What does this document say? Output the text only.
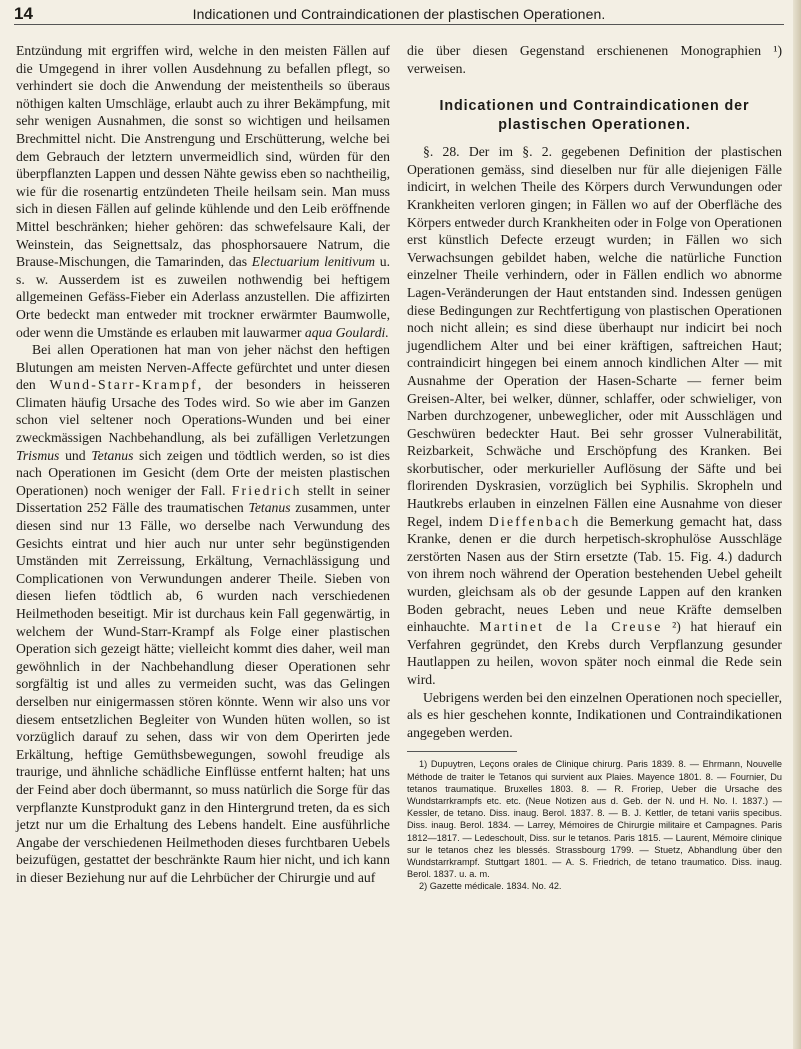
14	Indicationen und Contraindicationen der plastischen Operationen.

Entzündung mit ergriffen wird, welche in den meisten Fällen auf die Umgegend in ihrer vollen Ausdehnung zu befallen pflegt, so verhindert sie doch die Anwendung der meistentheils so überaus nöthigen kalten Umschläge, erlaubt auch zu ihrer Bekämpfung, mit sehr wenigen Ausnahmen, die sonst so wichtigen und heilsamen Brechmittel nicht. Die Anstrengung und Erschütterung, welche bei dem Gebrauch der letztern unvermeidlich sind, würden für den überpflanzten Lappen und dessen Nähte gewiss eben so nachtheilig, wie für die rosenartig entzündeten Theile heilsam sein. Man muss sich in diesen Fällen auf gelinde kühlende und den Leib eröffnende Mittel beschränken; hieher gehören: das schwefelsaure Kali, der Weinstein, das Seignettsalz, das phosphorsauere Natrum, die Brause-Mischungen, die Tamarinden, das Electuarium lenitivum u. s. w. Ausserdem ist es zuweilen nothwendig bei heftigem allgemeinen Gefäss-Fieber ein Aderlass anzustellen. Die affizirten Orte bedeckt man entweder mit trockner erwärmter Baumwolle, oder wenn die Umstände es erlauben mit lauwarmer aqua Goulardi.

Bei allen Operationen hat man von jeher nächst den heftigen Blutungen am meisten Nerven-Affecte gefürchtet und unter diesen den Wund-Starr-Krampf, der besonders in heisseren Climaten häufig Ursache des Todes wird. So wie aber im Ganzen schon viel seltener noch Operations-Wunden und bei einer zweckmässigen Nachbehandlung, als bei zufälligen Verletzungen Trismus und Tetanus sich zeigen und tödtlich werden, so ist dies nach Operationen im Gesicht (dem Orte der meisten plastischen Operationen) noch weniger der Fall. Friedrich stellt in seiner Dissertation 252 Fälle des traumatischen Tetanus zusammen, unter diesen sind nur 13 Fälle, wo derselbe nach Verwundung des Gesichts eintrat und hier auch nur unter sehr begünstigenden Umständen mit Zerreissung, Erkältung, Vernachlässigung und Complicationen von Verwundungen anderer Theile. Sieben von diesen liefen tödtlich ab, 6 wurden nach verschiedenen Heilmethoden beseitigt. Mir ist durchaus kein Fall gegenwärtig, in welchem der Wund-Starr-Krampf als Folge einer plastischen Operation sich gezeigt hätte; vielleicht kommt dies daher, weil man gewöhnlich in der Nachbehandlung dieser Operationen sehr sorgfältig ist und alles zu vermeiden sucht, was das Gelingen derselben nur einigermassen stören könnte. Wenn wir also uns vor diesem entsetzlichen Begleiter von Wunden hüten wollen, so ist vorzüglich darauf zu sehen, dass wir von dem Operirten jede Erkältung, heftige Gemüthsbewegungen, sowohl freudige als traurige, und ähnliche schädliche Einflüsse entfernt halten; hat uns der Feind aber doch übermannt, so muss natürlich die Sorge für das verpflanzte Kunstprodukt ganz in den Hintergrund treten, da es sich jetzt nur um die Erhaltung des Lebens handelt. Eine ausführliche Angabe der verschiedenen Heilmethoden dieses furchtbaren Uebels beizufügen, gestattet der beschränkte Raum hier nicht, und ich kann in dieser Beziehung nur auf die Lehrbücher der Chirurgie und auf

die über diesen Gegenstand erschienenen Monographien ¹) verweisen.

Indicationen und Contraindicationen der plastischen Operationen.

§. 28. Der im §. 2. gegebenen Definition der plastischen Operationen gemäss, sind dieselben nur für alle diejenigen Fälle indicirt, in welchen Theile des Körpers durch Verwundungen oder Krankheiten verloren gingen; in Fällen wo auf der Oberfläche des Körpers entweder durch Krankheiten oder in Folge von Operationen erst künstlich Defecte erzeugt wurden; in Fällen wo sich Verwachsungen gebildet haben, welche die natürliche Function einzelner Theile verhindern, oder in Fällen endlich wo abnorme Lagen-Veränderungen der Haut entstanden sind. Indessen genügen diese Bedingungen zur Rechtfertigung von plastischen Operationen noch nicht allein; es sind diese überhaupt nur indicirt bei noch jugendlichem Alter und bei einer kräftigen, saftreichen Haut; contraindicirt hingegen bei einem annoch kindlichen Alter — mit Ausnahme der Operation der Hasen-Scharte — ferner beim Greisen-Alter, bei welker, dünner, schlaffer, oder schwieliger, von Narben durchzogener, unbeweglicher, oder mit Ausschlägen und Geschwüren bedeckter Haut. Bei sehr grosser Vulnerabilität, Reizbarkeit, Schwäche und Erschöpfung des Kranken. Bei skorbutischer, oder merkurieller Auflösung der Säfte und bei florirenden Dyskrasien, vorzüglich bei Syphilis. Skropheln und Hautkrebs erlauben in einzelnen Fällen eine Ausnahme von dieser Regel, indem Dieffenbach die Bemerkung gemacht hat, dass Kranke, denen er die durch herpetisch-skrophulöse Ausschläge zerstörten Nasen aus der Stirn ersetzte (Tab. 15. Fig. 4.) dadurch von ihrem noch während der Operation bestehenden Uebel geheilt wurden, gleichsam als ob der gesunde Lappen auf den kranken Boden gebracht, neues Leben und neue Kräfte demselben einhauchte. Martinet de la Creuse ²) hat hierauf ein Verfahren gegründet, den Krebs durch Verpflanzung gesunder Hautlappen zu heilen, wovon später noch einmal die Rede sein wird.

Uebrigens werden bei den einzelnen Operationen noch specieller, als es hier geschehen konnte, Indikationen und Contraindikationen angegeben werden.

1) Dupuytren, Leçons orales de Clinique chirurg. Paris 1839. 8. — Ehrmann, Nouvelle Méthode de traiter le Tetanos qui survient aux Plaies. Mayence 1801. 8. — Fournier, Du tetanos traumatique. Bruxelles 1803. 8. — R. Froriep, Ueber die Ursache des Wundstarrkrampfs etc. etc. (Neue Notizen aus d. Geb. der N. und H. No. I. 1837.) — Kessler, de tetano. Diss. inaug. Berol. 1837. 8. — B. J. Kettler, de tetani variis specibus. Diss. inaug. Berol. 1834. — Larrey, Mémoires de Chirurgie militaire et Campagnes. Paris 1812—1817. — Ledeschoult, Diss. sur le tetanos. Paris 1815. — Laurent, Mémoire clinique sur le tetanos chez les blessés. Strassbourg 1799. — Stuetz, Abhandlung über den Wundstarrkrampf. Stuttgart 1801. — A. S. Friedrich, de tetano traumatico. Diss. inaug. Berol. 1837. u. a. m.

2) Gazette médicale. 1834. No. 42.
